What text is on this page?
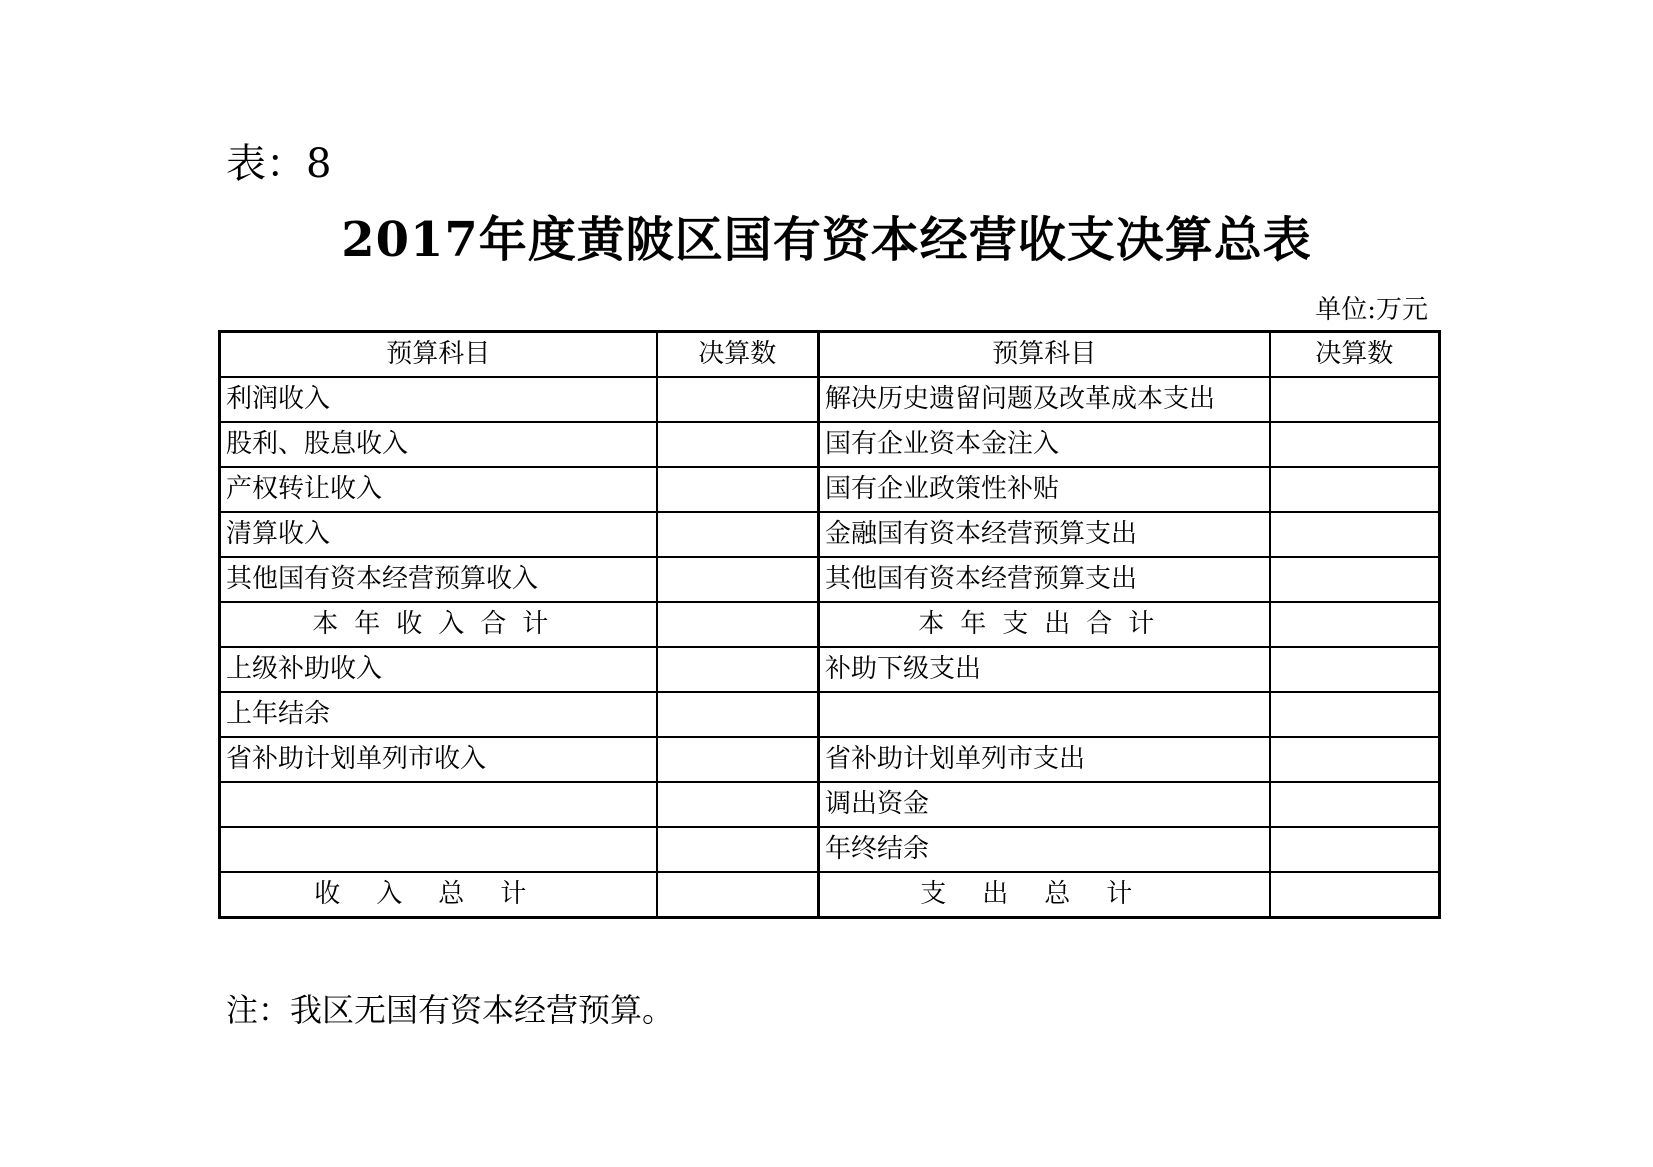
表：8
2017年度黄陂区国有资本经营收支决算总表
单位:万元
预算科目	决算数	预算科目	决算数
利润收入		解决历史遗留问题及改革成本支出	
股利、股息收入		国有企业资本金注入	
产权转让收入		国有企业政策性补贴	
清算收入		金融国有资本经营预算支出	
其他国有资本经营预算收入		其他国有资本经营预算支出	
本年收入合计		本年支出合计	
上级补助收入		补助下级支出	
上年结余			
省补助计划单列市收入		省补助计划单列市支出	
		调出资金	
		年终结余	
收入总计		支出总计	
注：我区无国有资本经营预算。
